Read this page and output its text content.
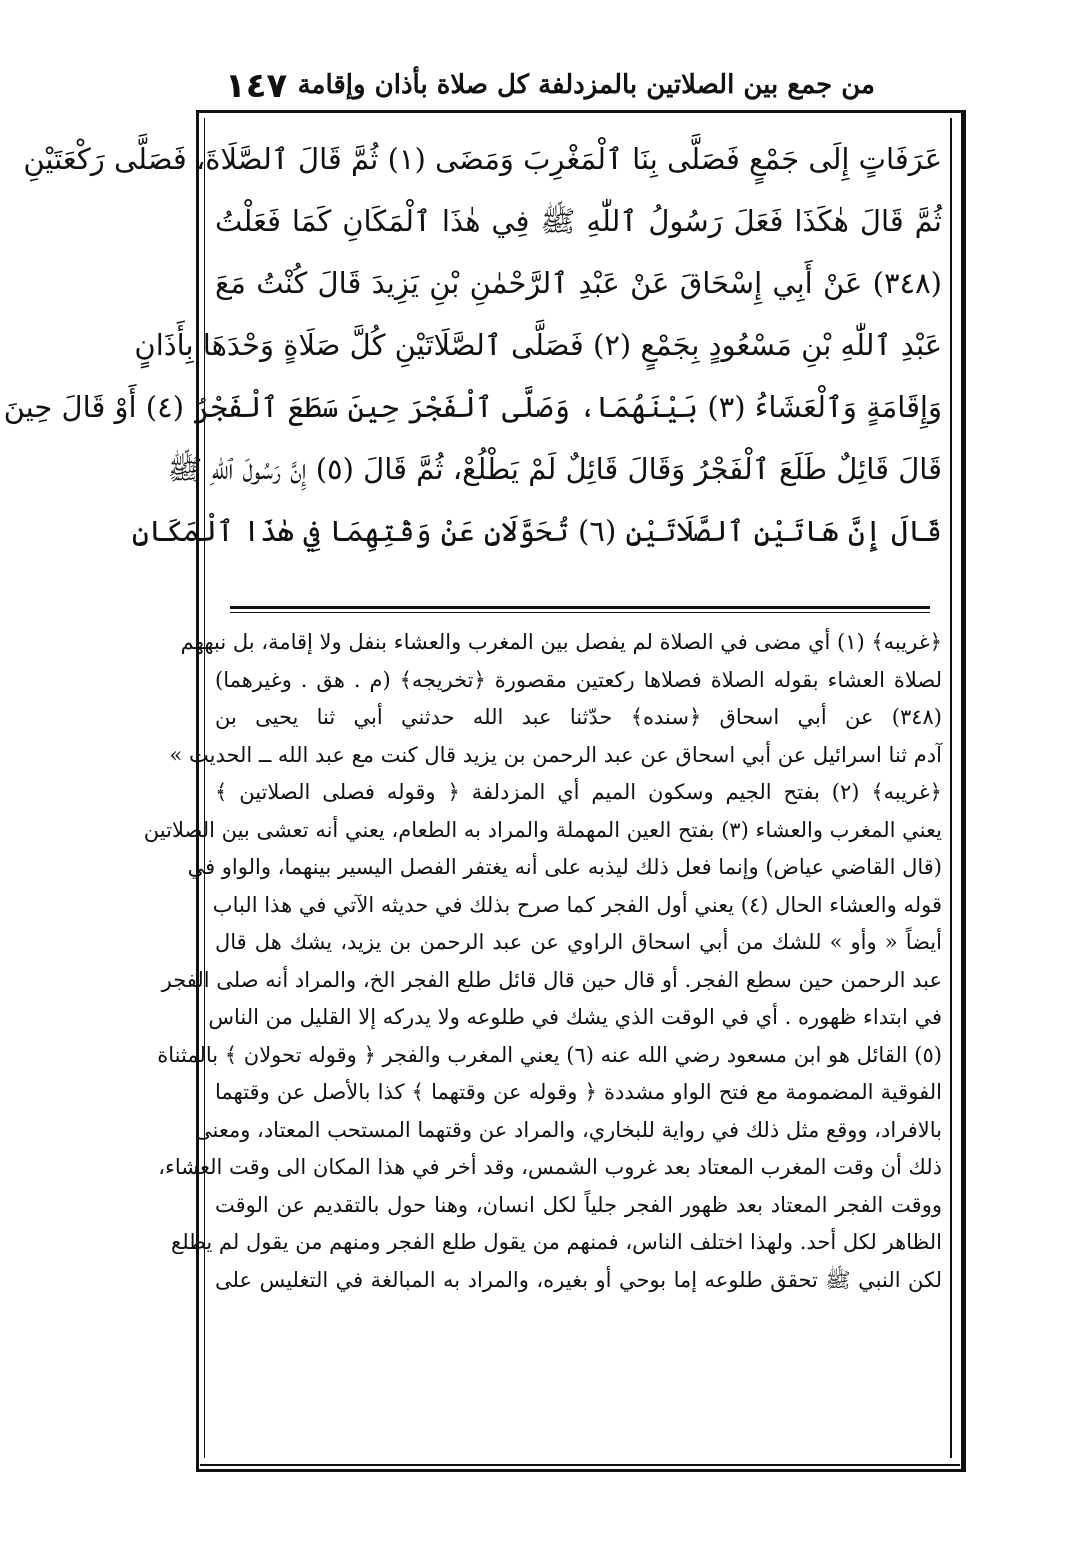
١٤٧ من جمع بين الصلاتين بالمزدلفة كل صلاة بأذان وإقامة
عَرَفَاتٍ إِلَى جَمْعٍ فَصَلَّى بِنَا ٱلْمَغْرِبَ وَمَضَى (١) ثُمَّ قَالَ ٱلصَّلَاةَ، فَصَلَّى رَكْعَتَيْنِ
ثُمَّ قَالَ هٰكَذَا فَعَلَ رَسُولُ ٱللّٰهِ ﷺ فِي هٰذَا ٱلْمَكَانِ كَمَا فَعَلْتُ
(٣٤٨) عَنْ أَبِي إِسْحَاقَ عَنْ عَبْدِ ٱلرَّحْمٰنِ بْنِ يَزِيدَ قَالَ كُنْتُ مَعَ
عَبْدِ ٱللّٰهِ بْنِ مَسْعُودٍ بِجَمْعٍ (٢) فَصَلَّى ٱلصَّلَاتَيْنِ كُلَّ صَلَاةٍ وَحْدَهَا بِأَذَانٍ
وَإِقَامَةٍ وَٱلْعَشَاءُ (٣) بَيْنَهُمَا، وَصَلَّى ٱلْفَجْرَ حِينَ سَطَعَ ٱلْفَجْرُ (٤) أَوْ قَالَ حِينَ
قَالَ قَائِلٌ طَلَعَ ٱلْفَجْرُ وَقَالَ قَائِلٌ لَمْ يَطْلُعْ، ثُمَّ قَالَ (٥) إِنَّ رَسُولَ ٱللّٰهِ ﷺ
قَالَ إِنَّ هَاتَيْنِ ٱلصَّلَاتَيْنِ (٦) تُحَوَّلَانِ عَنْ وَقْتِهِمَا فِي هٰذَا ٱلْمَكَانِ
﴿غريبه﴾ (١) أي مضى في الصلاة لم يفصل بين المغرب والعشاء بنفل ولا إقامة، بل نبههم
لصلاة العشاء بقوله الصلاة فصلاها ركعتين مقصورة ﴿تخريجه﴾ (م . هق . وغيرهما)
(٣٤٨) عن أبي اسحاق ﴿سنده﴾ حدّثنا عبد الله حدثني أبي ثنا يحيى بن
آدم ثنا اسرائيل عن أبي اسحاق عن عبد الرحمن بن يزيد قال كنت مع عبد الله ــ الحديث »
﴿غريبه﴾ (٢) بفتح الجيم وسكون الميم أي المزدلفة ﴿ وقوله فصلى الصلاتين ﴾
يعني المغرب والعشاء (٣) بفتح العين المهملة والمراد به الطعام، يعني أنه تعشى بين الصلاتين
(قال القاضي عياض) وإنما فعل ذلك ليذبه على أنه يغتفر الفصل اليسير بينهما، والواو في
قوله والعشاء الحال (٤) يعني أول الفجر كما صرح بذلك في حديثه الآتي في هذا الباب
أيضاً « وأو » للشك من أبي اسحاق الراوي عن عبد الرحمن بن يزيد، يشك هل قال
عبد الرحمن حين سطع الفجر. أو قال حين قال قائل طلع الفجر الخ، والمراد أنه صلى الفجر
في ابتداء ظهوره . أي في الوقت الذي يشك في طلوعه ولا يدركه إلا القليل من الناس
(٥) القائل هو ابن مسعود رضي الله عنه (٦) يعني المغرب والفجر ﴿ وقوله تحولان ﴾ بالمثناة
الفوقية المضمومة مع فتح الواو مشددة ﴿ وقوله عن وقتهما ﴾ كذا بالأصل عن وقتهما
بالافراد، ووقع مثل ذلك في رواية للبخاري، والمراد عن وقتهما المستحب المعتاد، ومعنى
ذلك أن وقت المغرب المعتاد بعد غروب الشمس، وقد أخر في هذا المكان الى وقت العشاء،
ووقت الفجر المعتاد بعد ظهور الفجر جلياً لكل انسان، وهنا حول بالتقديم عن الوقت
الظاهر لكل أحد. ولهذا اختلف الناس، فمنهم من يقول طلع الفجر ومنهم من يقول لم يطلع
لكن النبي ﷺ تحقق طلوعه إما بوحي أو بغيره، والمراد به المبالغة في التغليس على
